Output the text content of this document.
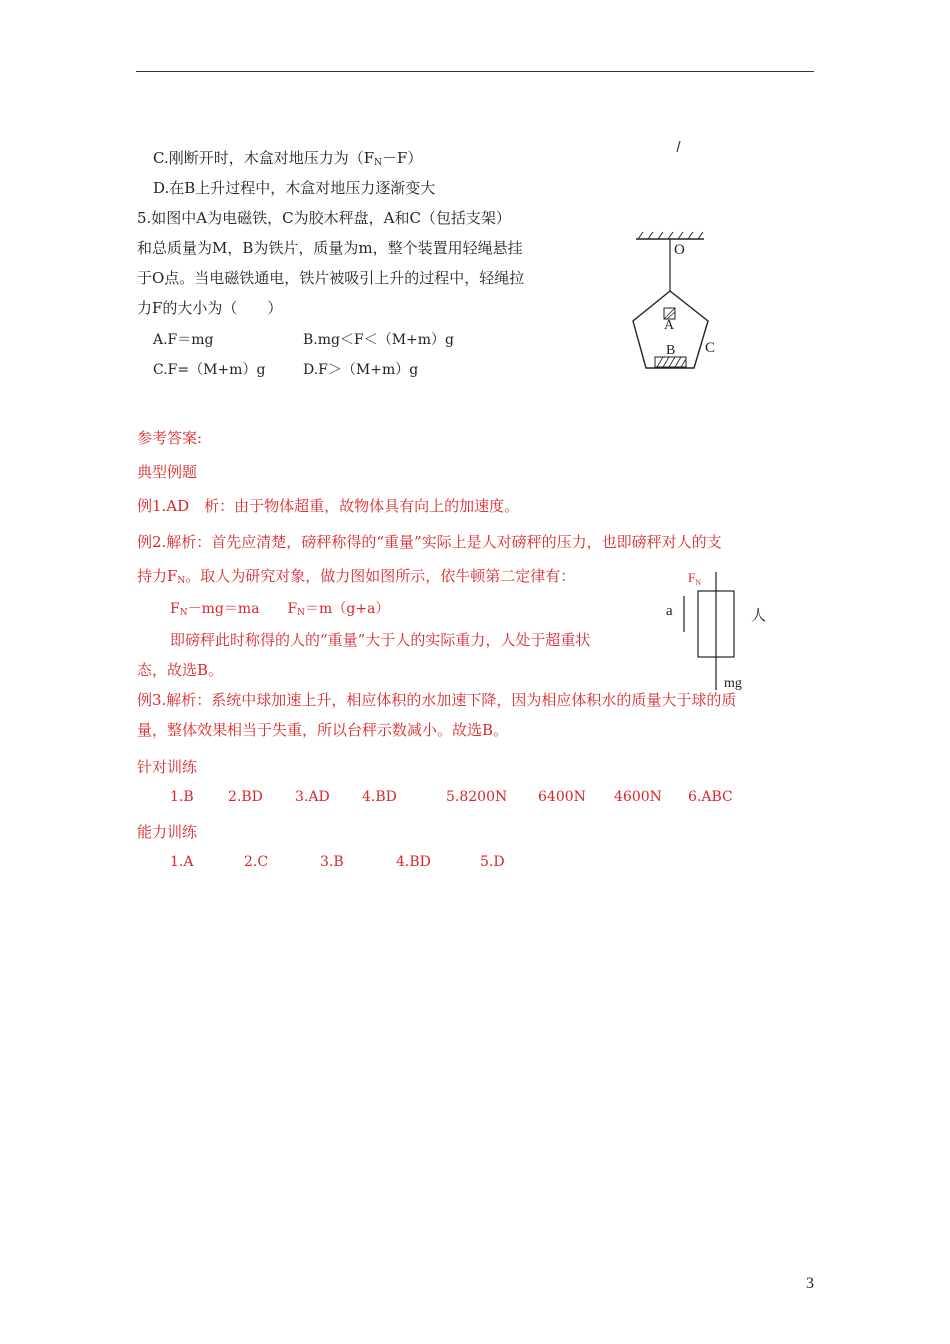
C.刚断开时，木盒对地压力为$(F_N-F)$
D.在B上升过程中，木盒对地压力逐渐变大
5.如图中A为电磁铁，C为胶木秤盘，A和C（包括支架）
和总质量为M，B为铁片，质量为m，整个装置用轻绳悬挂
于O点。当电磁铁通电，铁片被吸引上升的过程中，轻绳拉
力F的大小为（　　）
A.F＝mg	B.mg＜F＜（M+m）g
C.F=（M+m）g	D.F＞（M+m）g
O
A
B C
参考答案:
典型例题
例1.AD　析：由于物体超重，故物体具有向上的加速度。
例2.解析：首先应清楚，磅秤称得的“重量”实际上是人对磅秤的压力，也即磅秤对人的支
持力$F_N$。取人为研究对象，做力图如图所示，依牛顿第二定律有：
$F_N-mg=ma$　　$F_N=m(g+a)$
即磅秤此时称得的人的“重量”大于人的实际重力，人处于超重状
态，故选B。
例3.解析：系统中球加速上升，相应体积的水加速下降，因为相应体积水的质量大于球的质
量，整体效果相当于失重，所以台秤示数减小。故选B。
针对训练
1.B 2.BD 3.AD 4.BD	5.8200N 6400N 4600N 6.ABC
能力训练
1.A	2.C	3.B	4.BD	5.D
$F_N$
a	人
mg
3
